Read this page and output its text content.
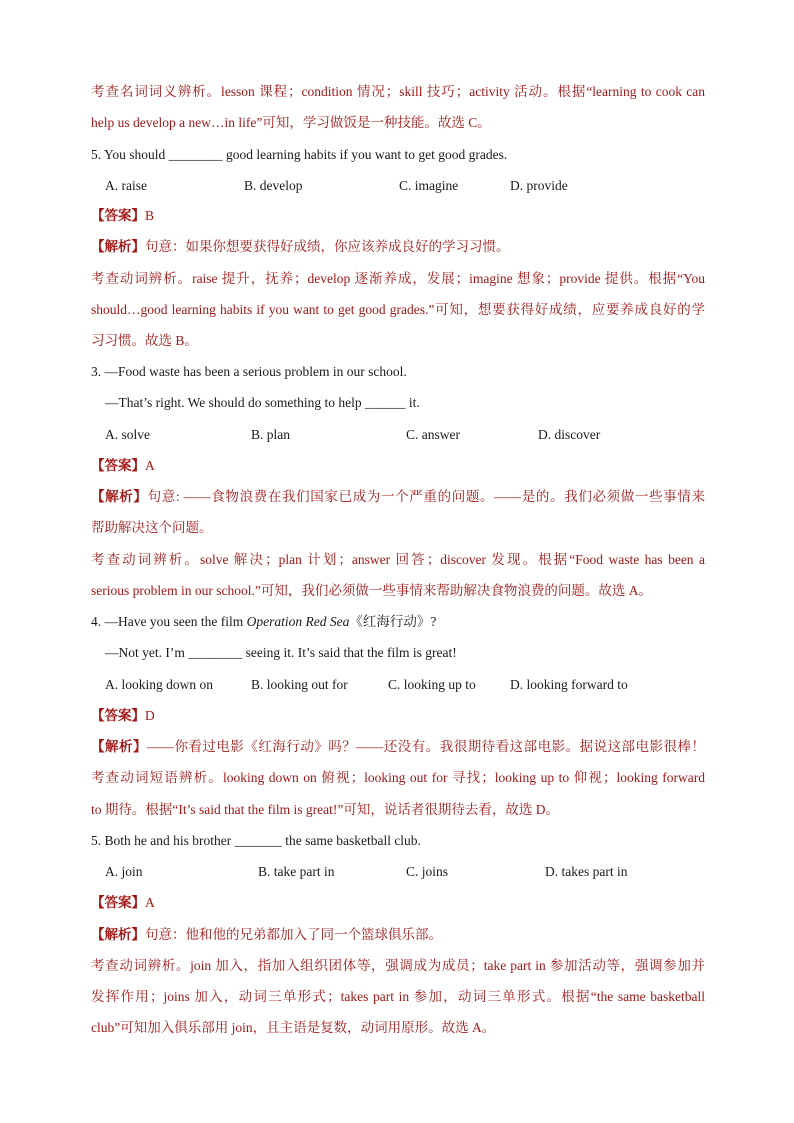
考查名词词义辨析。lesson 课程；condition 情况；skill 技巧；activity 活动。根据“learning to cook can
help us develop a new…in life”可知，学习做饭是一种技能。故选 C。
5. You should ________ good learning habits if you want to get good grades.
A. raise	B. develop	C. imagine	D. provide
【答案】B
【解析】句意：如果你想要获得好成绩，你应该养成良好的学习习惯。
考查动词辨析。raise 提升，抚养；develop 逐渐养成，发展；imagine 想象；provide 提供。根据“You
should…good learning habits if you want to get good grades.”可知，想要获得好成绩，应要养成良好的学
习习惯。故选 B。
3. —Food waste has been a serious problem in our school.
—That’s right. We should do something to help ______ it.
A. solve	B. plan	C. answer	D. discover
【答案】A
【解析】句意: ——食物浪费在我们国家已成为一个严重的问题。——是的。我们必须做一些事情来
帮助解决这个问题。
考查动词辨析。solve 解决；plan 计划；answer 回答；discover 发现。根据“Food waste has been a
serious problem in our school.”可知，我们必须做一些事情来帮助解决食物浪费的问题。故选 A。
4. —Have you seen the film Operation Red Sea《红海行动》?
—Not yet. I’m ________ seeing it. It’s said that the film is great!
A. looking down on	B. looking out for	C. looking up to	D. looking forward to
【答案】D
【解析】——你看过电影《红海行动》吗？——还没有。我很期待看这部电影。据说这部电影很棒！
考查动词短语辨析。looking down on 俯视；looking out for 寻找；looking up to 仰视；looking forward
to 期待。根据“It’s said that the film is great!”可知，说话者很期待去看，故选 D。
5. Both he and his brother _______ the same basketball club.
A. join	B. take part in	C. joins	D. takes part in
【答案】A
【解析】句意：他和他的兄弟都加入了同一个篮球俱乐部。
考查动词辨析。join 加入，指加入组织团体等，强调成为成员；take part in 参加活动等，强调参加并
发挥作用；joins 加入，动词三单形式；takes part in 参加，动词三单形式。根据“the same basketball
club”可知加入俱乐部用 join，且主语是复数，动词用原形。故选 A。
